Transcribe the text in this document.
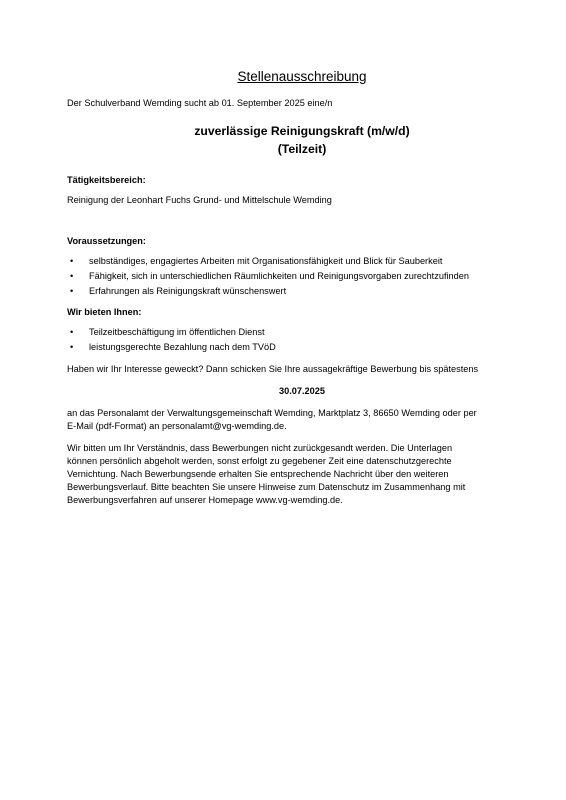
Stellenausschreibung
Der Schulverband Wemding sucht ab 01. September 2025 eine/n
zuverlässige Reinigungskraft (m/w/d)
(Teilzeit)
Tätigkeitsbereich:
Reinigung der Leonhart Fuchs Grund- und Mittelschule Wemding
Voraussetzungen:
• selbständiges, engagiertes Arbeiten mit Organisationsfähigkeit und Blick für Sauberkeit
• Fähigkeit, sich in unterschiedlichen Räumlichkeiten und Reinigungsvorgaben zurechtzufinden
• Erfahrungen als Reinigungskraft wünschenswert
Wir bieten Ihnen:
• Teilzeitbeschäftigung im öffentlichen Dienst
• leistungsgerechte Bezahlung nach dem TVöD
Haben wir Ihr Interesse geweckt? Dann schicken Sie Ihre aussagekräftige Bewerbung bis spätestens
30.07.2025
an das Personalamt der Verwaltungsgemeinschaft Wemding, Marktplatz 3, 86650 Wemding oder per
E-Mail (pdf-Format) an personalamt@vg-wemding.de.
Wir bitten um Ihr Verständnis, dass Bewerbungen nicht zurückgesandt werden. Die Unterlagen
können persönlich abgeholt werden, sonst erfolgt zu gegebener Zeit eine datenschutzgerechte
Vernichtung. Nach Bewerbungsende erhalten Sie entsprechende Nachricht über den weiteren
Bewerbungsverlauf. Bitte beachten Sie unsere Hinweise zum Datenschutz im Zusammenhang mit
Bewerbungsverfahren auf unserer Homepage www.vg-wemding.de.
